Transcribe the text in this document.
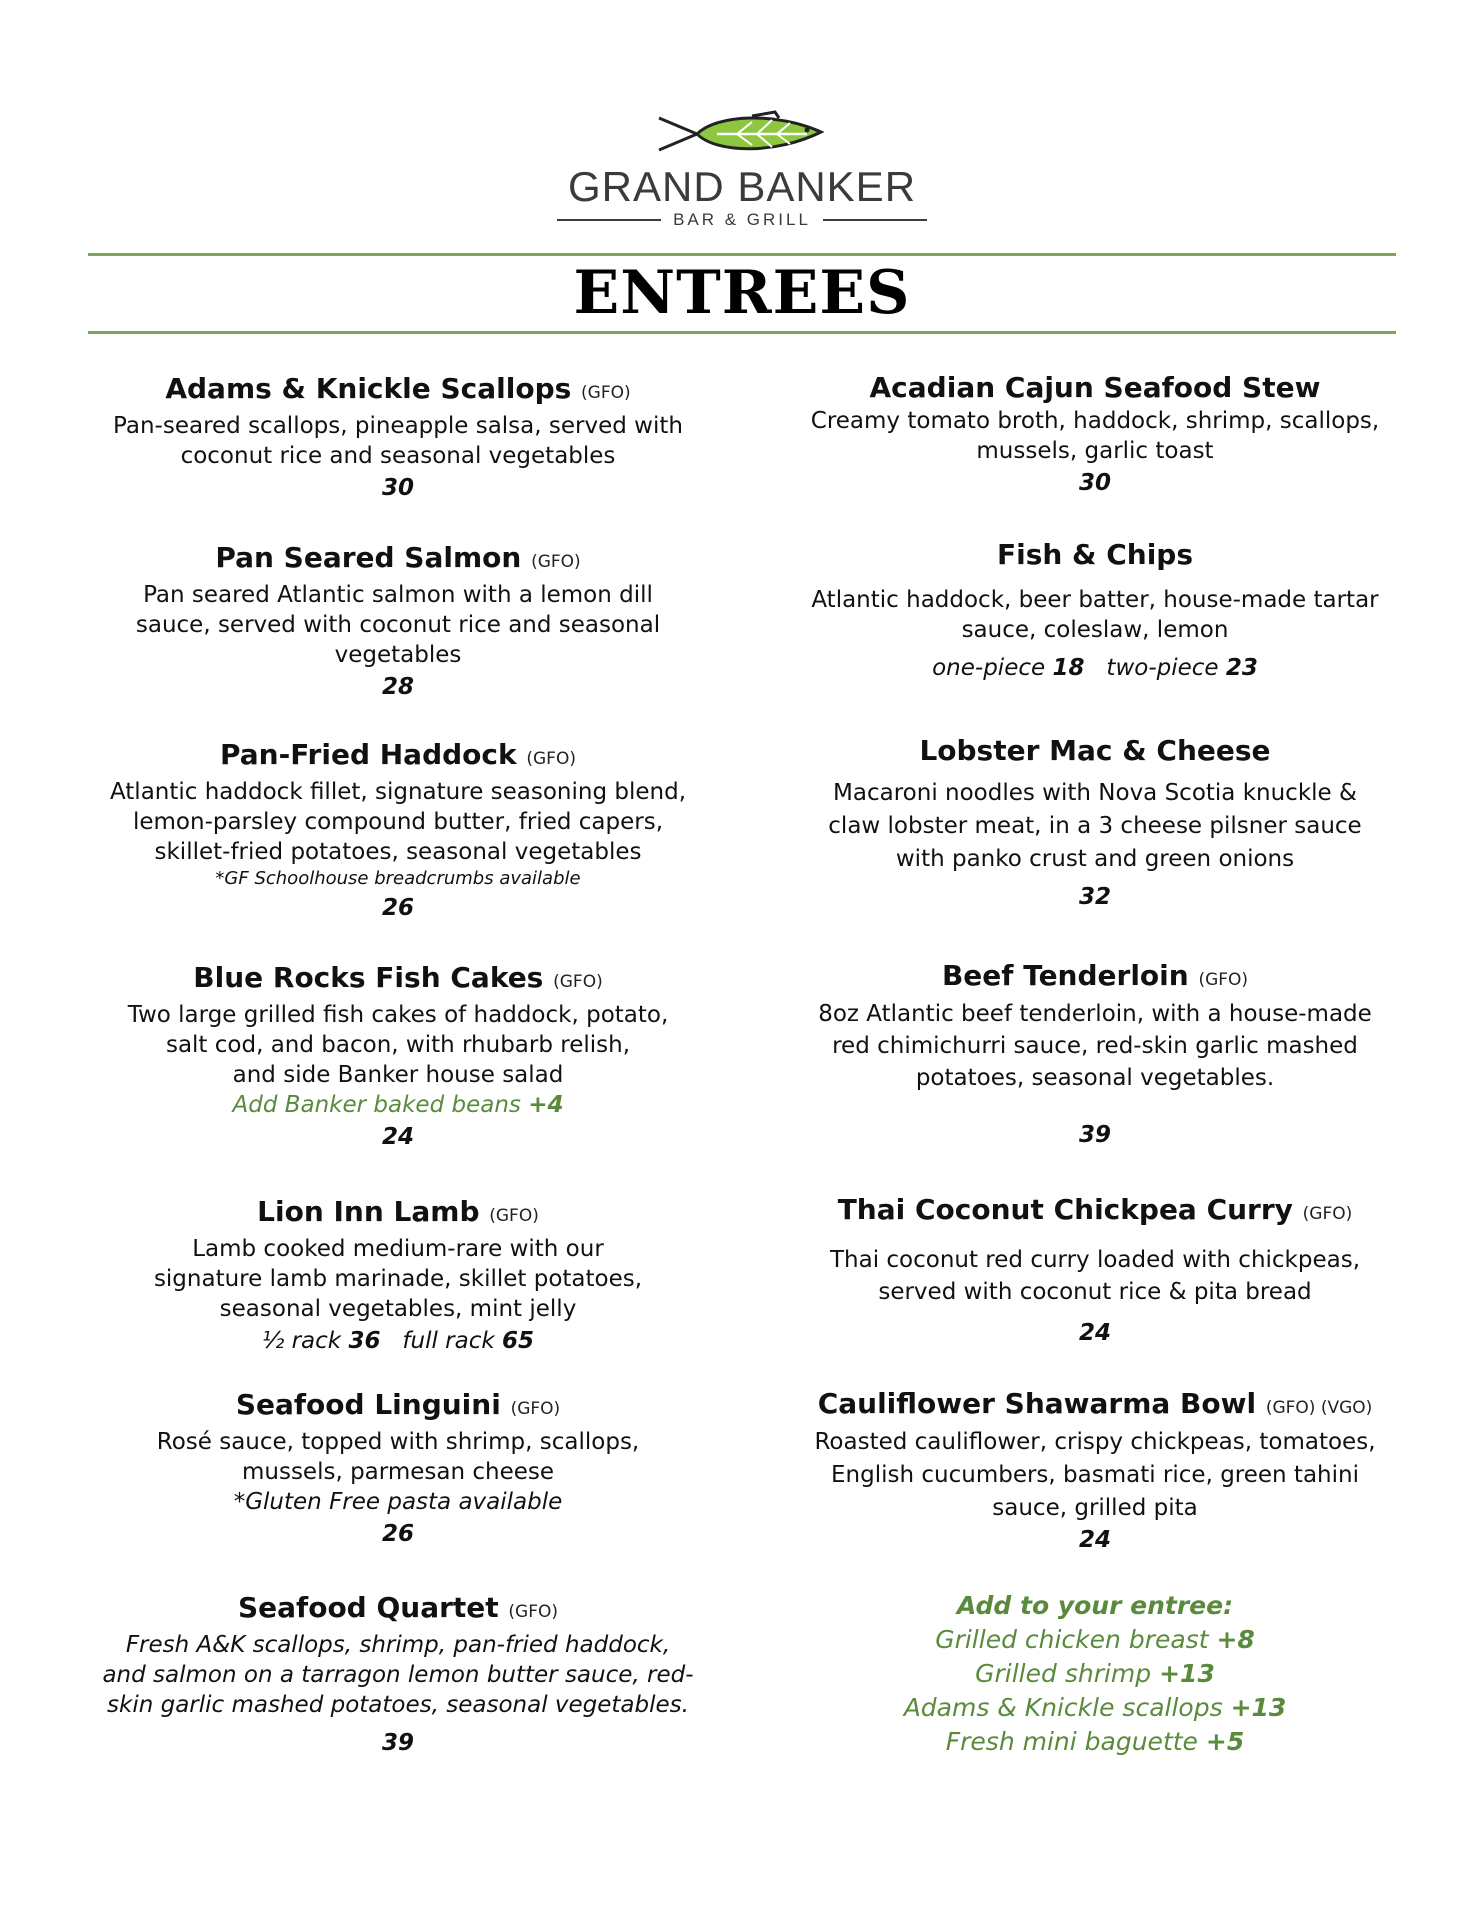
GRAND BANKER
BAR & GRILL
ENTREES
Adams & Knickle Scallops (GFO)
Pan-seared scallops, pineapple salsa, served with
coconut rice and seasonal vegetables
30
Pan Seared Salmon (GFO)
Pan seared Atlantic salmon with a lemon dill
sauce, served with coconut rice and seasonal
vegetables
28
Pan-Fried Haddock (GFO)
Atlantic haddock fillet, signature seasoning blend,
lemon-parsley compound butter, fried capers,
skillet-fried potatoes, seasonal vegetables
*GF Schoolhouse breadcrumbs available
26
Blue Rocks Fish Cakes (GFO)
Two large grilled fish cakes of haddock, potato,
salt cod, and bacon, with rhubarb relish,
and side Banker house salad
Add Banker baked beans +4
24
Lion Inn Lamb (GFO)
Lamb cooked medium-rare with our
signature lamb marinade, skillet potatoes,
seasonal vegetables, mint jelly
½ rack 36 full rack 65
Seafood Linguini (GFO)
Rosé sauce, topped with shrimp, scallops,
mussels, parmesan cheese
*Gluten Free pasta available
26
Seafood Quartet (GFO)
Fresh A&K scallops, shrimp, pan-fried haddock,
and salmon on a tarragon lemon butter sauce, red-
skin garlic mashed potatoes, seasonal vegetables.
39
Acadian Cajun Seafood Stew
Creamy tomato broth, haddock, shrimp, scallops,
mussels, garlic toast
30
Fish & Chips
Atlantic haddock, beer batter, house-made tartar
sauce, coleslaw, lemon
one-piece 18 two-piece 23
Lobster Mac & Cheese
Macaroni noodles with Nova Scotia knuckle &
claw lobster meat, in a 3 cheese pilsner sauce
with panko crust and green onions
32
Beef Tenderloin (GFO)
8oz Atlantic beef tenderloin, with a house-made
red chimichurri sauce, red-skin garlic mashed
potatoes, seasonal vegetables.
39
Thai Coconut Chickpea Curry (GFO)
Thai coconut red curry loaded with chickpeas,
served with coconut rice & pita bread
24
Cauliflower Shawarma Bowl (GFO) (VGO)
Roasted cauliflower, crispy chickpeas, tomatoes,
English cucumbers, basmati rice, green tahini
sauce, grilled pita
24
Add to your entree:
Grilled chicken breast +8
Grilled shrimp +13
Adams & Knickle scallops +13
Fresh mini baguette +5
